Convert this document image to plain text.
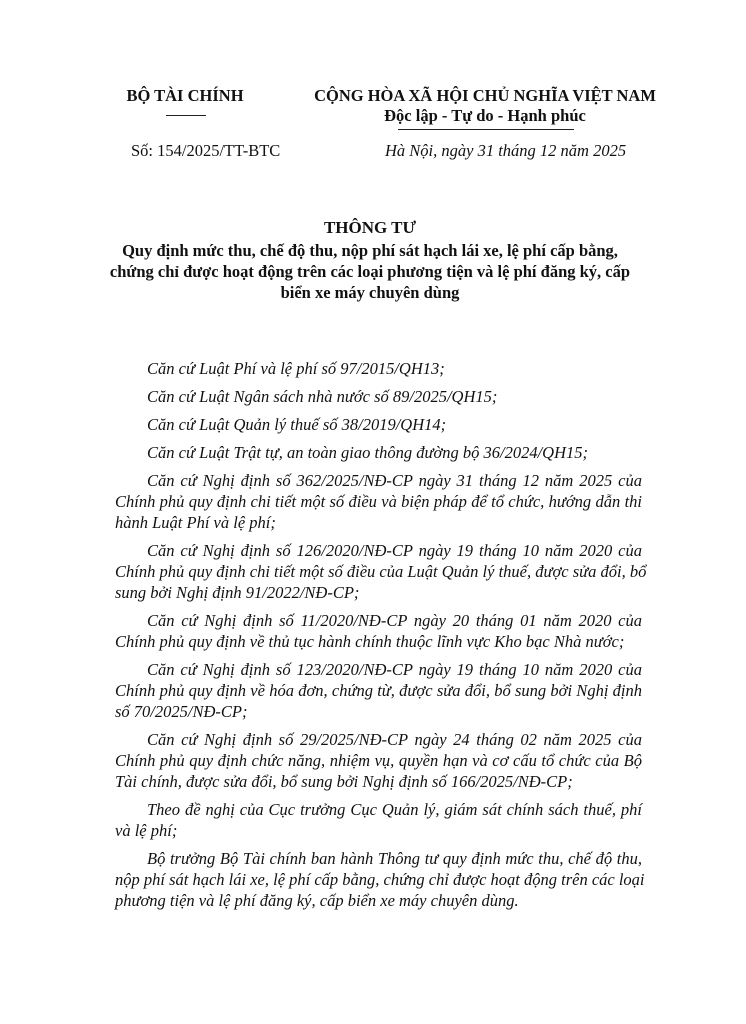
BỘ TÀI CHÍNH	CỘNG HÒA XÃ HỘI CHỦ NGHĨA VIỆT NAM
Độc lập - Tự do - Hạnh phúc
Số: 154/2025/TT-BTC	Hà Nội, ngày 31 tháng 12 năm 2025
THÔNG TƯ
Quy định mức thu, chế độ thu, nộp phí sát hạch lái xe, lệ phí cấp bằng,
chứng chỉ được hoạt động trên các loại phương tiện và lệ phí đăng ký, cấp
biển xe máy chuyên dùng
Căn cứ Luật Phí và lệ phí số 97/2015/QH13;
Căn cứ Luật Ngân sách nhà nước số 89/2025/QH15;
Căn cứ Luật Quản lý thuế số 38/2019/QH14;
Căn cứ Luật Trật tự, an toàn giao thông đường bộ 36/2024/QH15;
Căn cứ Nghị định số 362/2025/NĐ-CP ngày 31 tháng 12 năm 2025 của
Chính phủ quy định chi tiết một số điều và biện pháp để tổ chức, hướng dẫn thi
hành Luật Phí và lệ phí;
Căn cứ Nghị định số 126/2020/NĐ-CP ngày 19 tháng 10 năm 2020 của
Chính phủ quy định chi tiết một số điều của Luật Quản lý thuế, được sửa đổi, bổ
sung bởi Nghị định 91/2022/NĐ-CP;
Căn cứ Nghị định số 11/2020/NĐ-CP ngày 20 tháng 01 năm 2020 của
Chính phủ quy định về thủ tục hành chính thuộc lĩnh vực Kho bạc Nhà nước;
Căn cứ Nghị định số 123/2020/NĐ-CP ngày 19 tháng 10 năm 2020 của
Chính phủ quy định về hóa đơn, chứng từ, được sửa đổi, bổ sung bởi Nghị định
số 70/2025/NĐ-CP;
Căn cứ Nghị định số 29/2025/NĐ-CP ngày 24 tháng 02 năm 2025 của
Chính phủ quy định chức năng, nhiệm vụ, quyền hạn và cơ cấu tổ chức của Bộ
Tài chính, được sửa đổi, bổ sung bởi Nghị định số 166/2025/NĐ-CP;
Theo đề nghị của Cục trưởng Cục Quản lý, giám sát chính sách thuế, phí
và lệ phí;
Bộ trưởng Bộ Tài chính ban hành Thông tư quy định mức thu, chế độ thu,
nộp phí sát hạch lái xe, lệ phí cấp bằng, chứng chỉ được hoạt động trên các loại
phương tiện và lệ phí đăng ký, cấp biển xe máy chuyên dùng.
